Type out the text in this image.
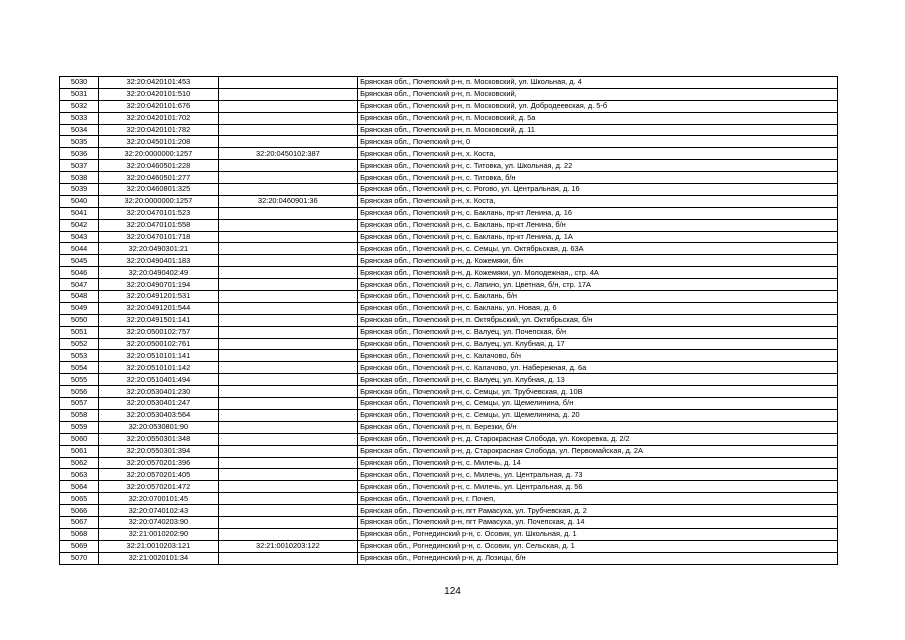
5030	32:20:0420101:453		Брянская обл., Почепский р-н, п. Московский, ул. Школьная, д. 4
5031	32:20:0420101:510		Брянская обл., Почепский р-н, п. Московский,
5032	32:20:0420101:676		Брянская обл., Почепский р-н, п. Московский, ул. Добродеевская, д. 5-б
5033	32:20:0420101:702		Брянская обл., Почепский р-н, п. Московский, д. 5а
5034	32:20:0420101:782		Брянская обл., Почепский р-н, п. Московский, д. 11
5035	32:20:0450101:208		Брянская обл., Почепский р-н, 0
5036	32:20:0000000:1257	32:20:0450102:387	Брянская обл., Почепский р-н, х. Коста,
5037	32:20:0460501:228		Брянская обл., Почепский р-н, с. Титовка, ул. Школьная, д. 22
5038	32:20:0460501:277		Брянская обл., Почепский р-н, с. Титовка, б/н
5039	32:20:0460801:325		Брянская обл., Почепский р-н, с. Рогово, ул. Центральная, д. 16
5040	32:20:0000000:1257	32:20:0460901:36	Брянская обл., Почепский р-н, х. Коста,
5041	32:20:0470101:523		Брянская обл., Почепский р-н, с. Баклань, пр-кт Ленина, д. 16
5042	32:20:0470101:558		Брянская обл., Почепский р-н, с. Баклань, пр-кт Ленина, б/н
5043	32:20:0470101:718		Брянская обл., Почепский р-н, с. Баклань, пр-кт Ленина, д. 1А
5044	32:20:0490301:21		Брянская обл., Почепский р-н, с. Семцы, ул. Октябрьская, д. 63А
5045	32:20:0490401:183		Брянская обл., Почепский р-н, д. Кожемяки, б/н
5046	32:20:0490402:49		Брянская обл., Почепский р-н, д. Кожемяки, ул. Молодежная,, стр. 4А
5047	32:20:0490701:194		Брянская обл., Почепский р-н, с. Лапино, ул. Цветная, б/н, стр. 17А
5048	32:20:0491201:531		Брянская обл., Почепский р-н, с. Баклань, б/н
5049	32:20:0491201:544		Брянская обл., Почепский р-н, с. Баклань, ул. Новая, д. 6
5050	32:20:0491501:141		Брянская обл., Почепский р-н, п. Октябрьский, ул. Октябрьская, б/н
5051	32:20:0500102:757		Брянская обл., Почепский р-н, с. Валуец, ул. Почепская, б/н
5052	32:20:0500102:761		Брянская обл., Почепский р-н, с. Валуец, ул. Клубная, д. 17
5053	32:20:0510101:141		Брянская обл., Почепский р-н, с. Калачово, б/н
5054	32:20:0510101:142		Брянская обл., Почепский р-н, с. Калачово, ул. Набережная, д. 6а
5055	32:20:0510401:494		Брянская обл., Почепский р-н, с. Валуец, ул. Клубная, д. 13
5056	32:20:0530401:230		Брянская обл., Почепский р-н, с. Семцы, ул. Трубчевская, д. 10В
5057	32:20:0530401:247		Брянская обл., Почепский р-н, с. Семцы, ул. Щемелинина, б/н
5058	32:20:0530403:564		Брянская обл., Почепский р-н, с. Семцы, ул. Щемелинина, д. 20
5059	32:20:0530801:90		Брянская обл., Почепский р-н, п. Березки, б/н
5060	32:20:0550301:348		Брянская обл., Почепский р-н, д. Старокрасная Слобода, ул. Кокоревка, д. 2/2
5061	32:20:0550301:394		Брянская обл., Почепский р-н, д. Старокрасная Слобода, ул. Первомайская, д. 2А
5062	32:20:0570201:396		Брянская обл., Почепский р-н, с. Милечь, д. 14
5063	32:20:0570201:405		Брянская обл., Почепский р-н, с. Милечь, ул. Центральная, д. 73
5064	32:20:0570201:472		Брянская обл., Почепский р-н, с. Милечь, ул. Центральная, д. 56
5065	32:20:0700101:45		Брянская обл., Почепский р-н, г. Почеп,
5066	32:20:0740102:43		Брянская обл., Почепский р-н, пгт Рамасуха, ул. Трубчевская, д. 2
5067	32:20:0740203:90		Брянская обл., Почепский р-н, пгт Рамасуха, ул. Почепская, д. 14
5068	32:21:0010202:90		Брянская обл., Рогнединский р-н, с. Осовик, ул. Школьная, д. 1
5069	32:21:0010203:121	32:21:0010203:122	Брянская обл., Рогнединский р-н, с. Осовик, ул. Сельская, д. 1
5070	32:21:0020101:34		Брянская обл., Рогнединский р-н, д. Лозицы, б/н
124
